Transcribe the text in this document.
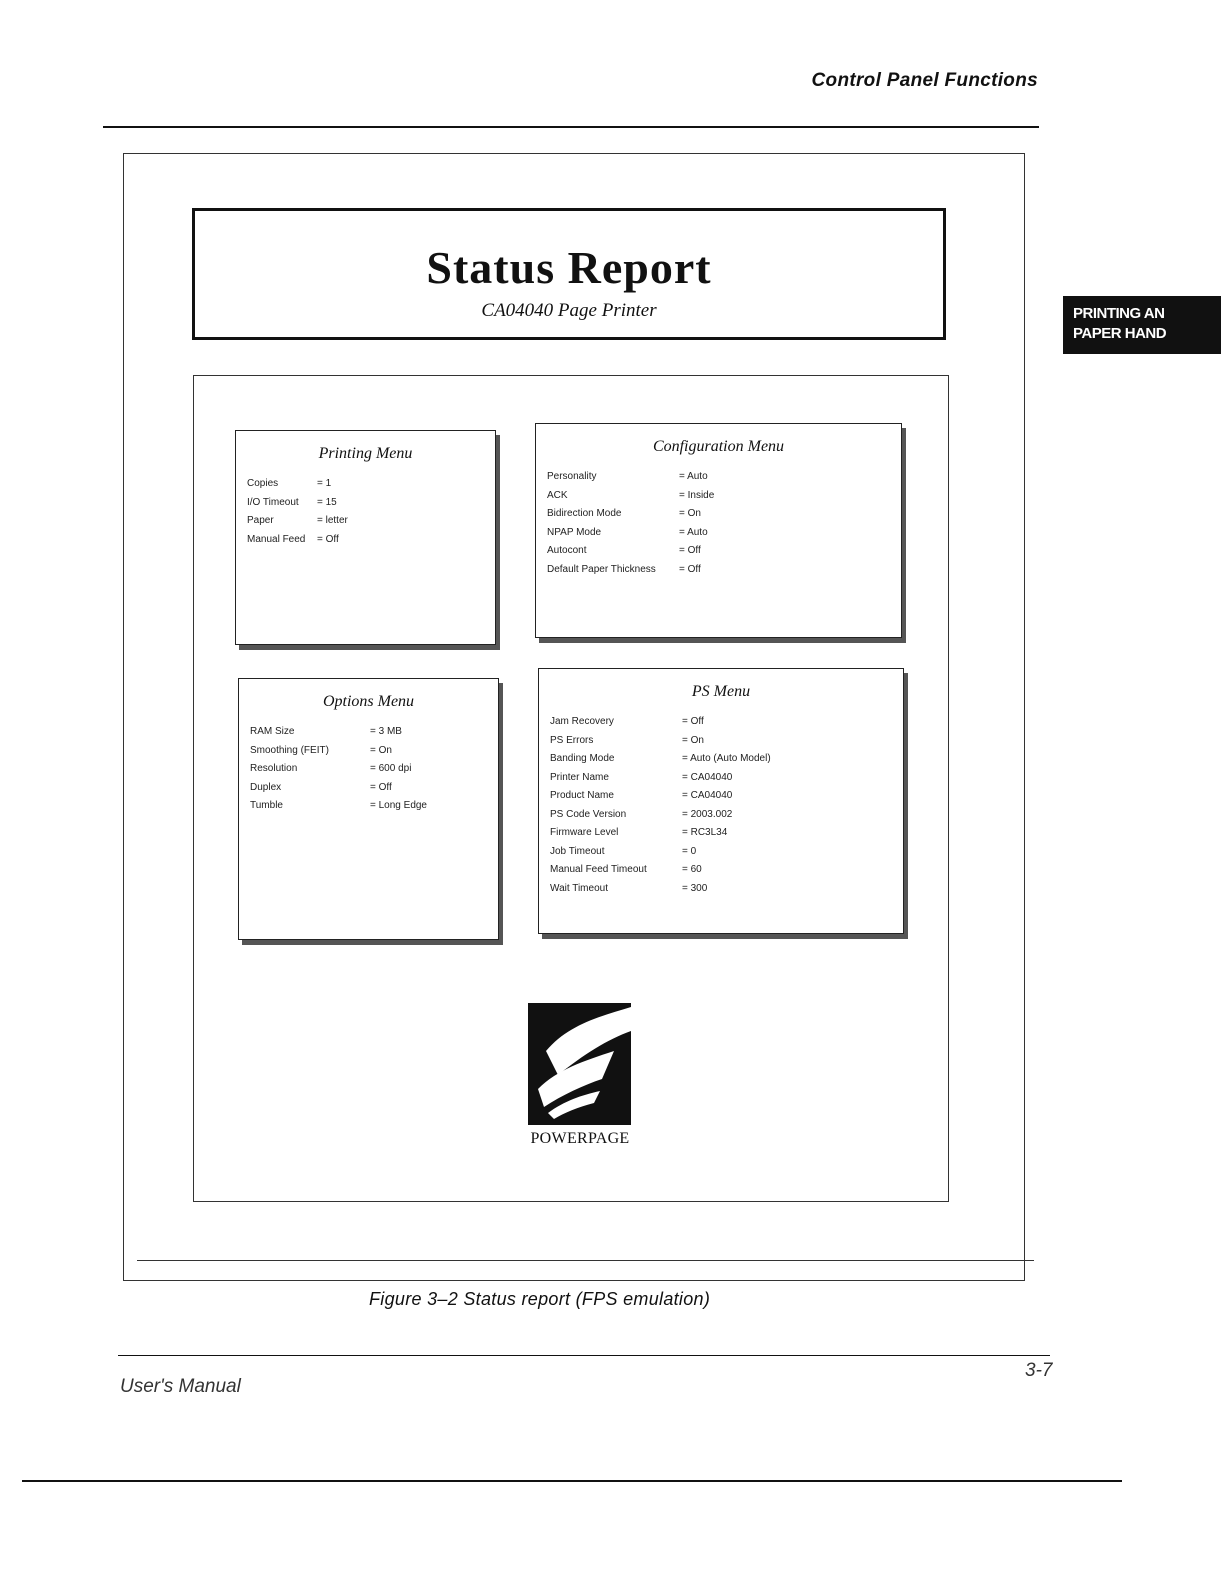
Control Panel Functions
PRINTING AN
PAPER HAND
Status Report
CA04040 Page Printer
Printing Menu
Copies	= 1
I/O Timeout = 15
Paper	= letter
Manual Feed = Off
Configuration Menu
Personality	= Auto
ACK	= Inside
Bidirection Mode	= On
NPAP Mode	= Auto
Autocont	= Off
Default Paper Thickness = Off
Options Menu
RAM Size	= 3 MB
Smoothing (FEIT)	= On
Resolution	= 600 dpi
Duplex	= Off
Tumble	= Long Edge
PS Menu
Jam Recovery	= Off
PS Errors	= On
Banding Mode	= Auto (Auto Model)
Printer Name	= CA04040
Product Name	= CA04040
PS Code Version	= 2003.002
Firmware Level	= RC3L34
Job Timeout	= 0
Manual Feed Timeout	= 60
Wait Timeout	= 300
POWERPAGE
Figure 3–2 Status report (FPS emulation)
User's Manual
3-7
